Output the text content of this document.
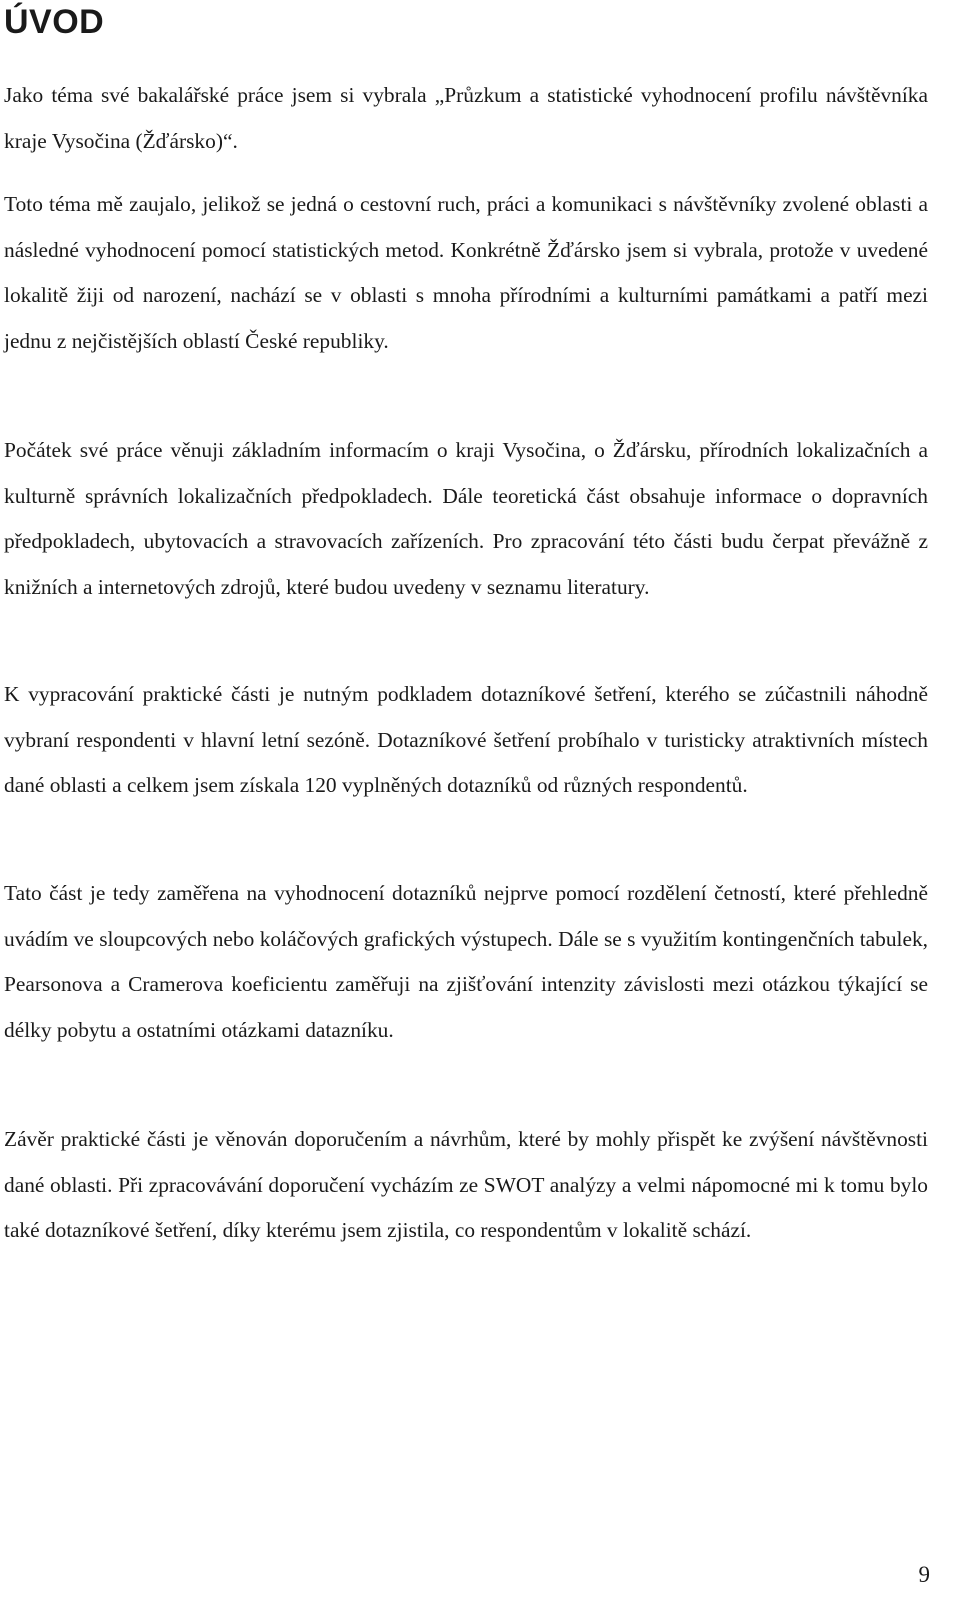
ÚVOD

Jako téma své bakalářské práce jsem si vybrala „Průzkum a statistické vyhodnocení profilu návštěvníka kraje Vysočina (Žďársko)“.

Toto téma mě zaujalo, jelikož se jedná o cestovní ruch, práci a komunikaci s návštěvníky zvolené oblasti a následné vyhodnocení pomocí statistických metod. Konkrétně Žďársko jsem si vybrala, protože v uvedené lokalitě žiji od narození, nachází se v oblasti s mnoha přírodními a kulturními památkami a patří mezi jednu z nejčistějších oblastí České republiky.

Počátek své práce věnuji základním informacím o kraji Vysočina, o Žďársku, přírodních lokalizačních a kulturně správních lokalizačních předpokladech. Dále teoretická část obsahuje informace o dopravních předpokladech, ubytovacích a stravovacích zařízeních. Pro zpracování této části budu čerpat převážně z knižních a internetových zdrojů, které budou uvedeny v seznamu literatury.

K vypracování praktické části je nutným podkladem dotazníkové šetření, kterého se zúčastnili náhodně vybraní respondenti v hlavní letní sezóně. Dotazníkové šetření probíhalo v turisticky atraktivních místech dané oblasti a celkem jsem získala 120 vyplněných dotazníků od různých respondentů.

Tato část je tedy zaměřena na vyhodnocení dotazníků nejprve pomocí rozdělení četností, které přehledně uvádím ve sloupcových nebo koláčových grafických výstupech. Dále se s využitím kontingenčních tabulek, Pearsonova a Cramerova koeficientu zaměřuji na zjišťování intenzity závislosti mezi otázkou týkající se délky pobytu a ostatními otázkami datazníku.

Závěr praktické části je věnován doporučením a návrhům, které by mohly přispět ke zvýšení návštěvnosti dané oblasti. Při zpracovávání doporučení vycházím ze SWOT analýzy a velmi nápomocné mi k tomu bylo také dotazníkové šetření, díky kterému jsem zjistila, co respondentům v lokalitě schází.

9
